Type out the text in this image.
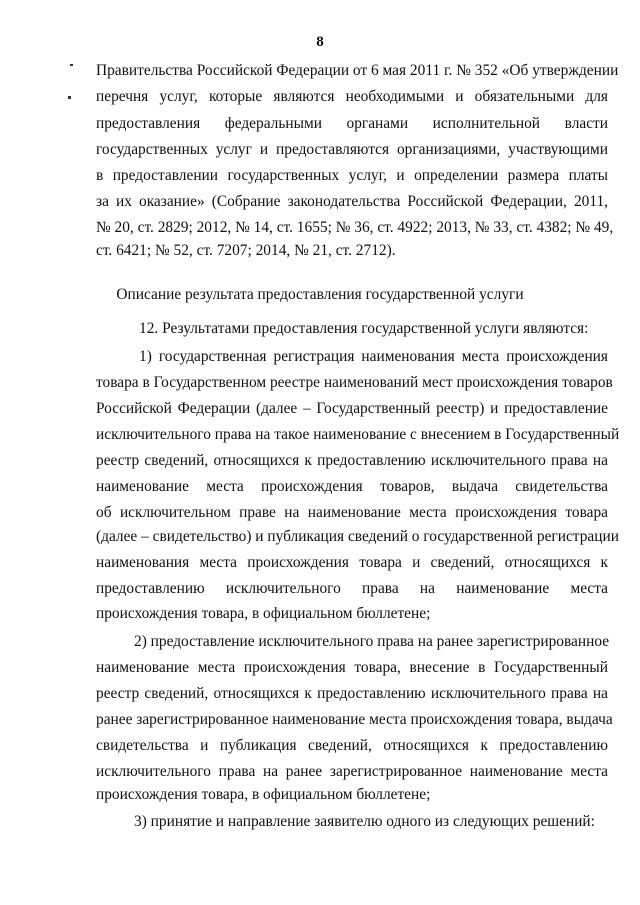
8
Правительства Российской Федерации от 6 мая 2011 г. № 352 «Об утверждении
перечня услуг, которые являются необходимыми и обязательными для
предоставления федеральными органами исполнительной власти
государственных услуг и предоставляются организациями, участвующими
в предоставлении государственных услуг, и определении размера платы
за их оказание» (Собрание законодательства Российской Федерации, 2011,
№ 20, ст. 2829; 2012, № 14, ст. 1655; № 36, ст. 4922; 2013, № 33, ст. 4382; № 49,
ст. 6421; № 52, ст. 7207; 2014, № 21, ст. 2712).
Описание результата предоставления государственной услуги
12. Результатами предоставления государственной услуги являются:
1) государственная регистрация наименования места происхождения
товара в Государственном реестре наименований мест происхождения товаров
Российской Федерации (далее – Государственный реестр) и предоставление
исключительного права на такое наименование с внесением в Государственный
реестр сведений, относящихся к предоставлению исключительного права на
наименование места происхождения товаров, выдача свидетельства
об исключительном праве на наименование места происхождения товара
(далее – свидетельство) и публикация сведений о государственной регистрации
наименования места происхождения товара и сведений, относящихся к
предоставлению исключительного права на наименование места
происхождения товара, в официальном бюллетене;
2) предоставление исключительного права на ранее зарегистрированное
наименование места происхождения товара, внесение в Государственный
реестр сведений, относящихся к предоставлению исключительного права на
ранее зарегистрированное наименование места происхождения товара, выдача
свидетельства и публикация сведений, относящихся к предоставлению
исключительного права на ранее зарегистрированное наименование места
происхождения товара, в официальном бюллетене;
3) принятие и направление заявителю одного из следующих решений:
